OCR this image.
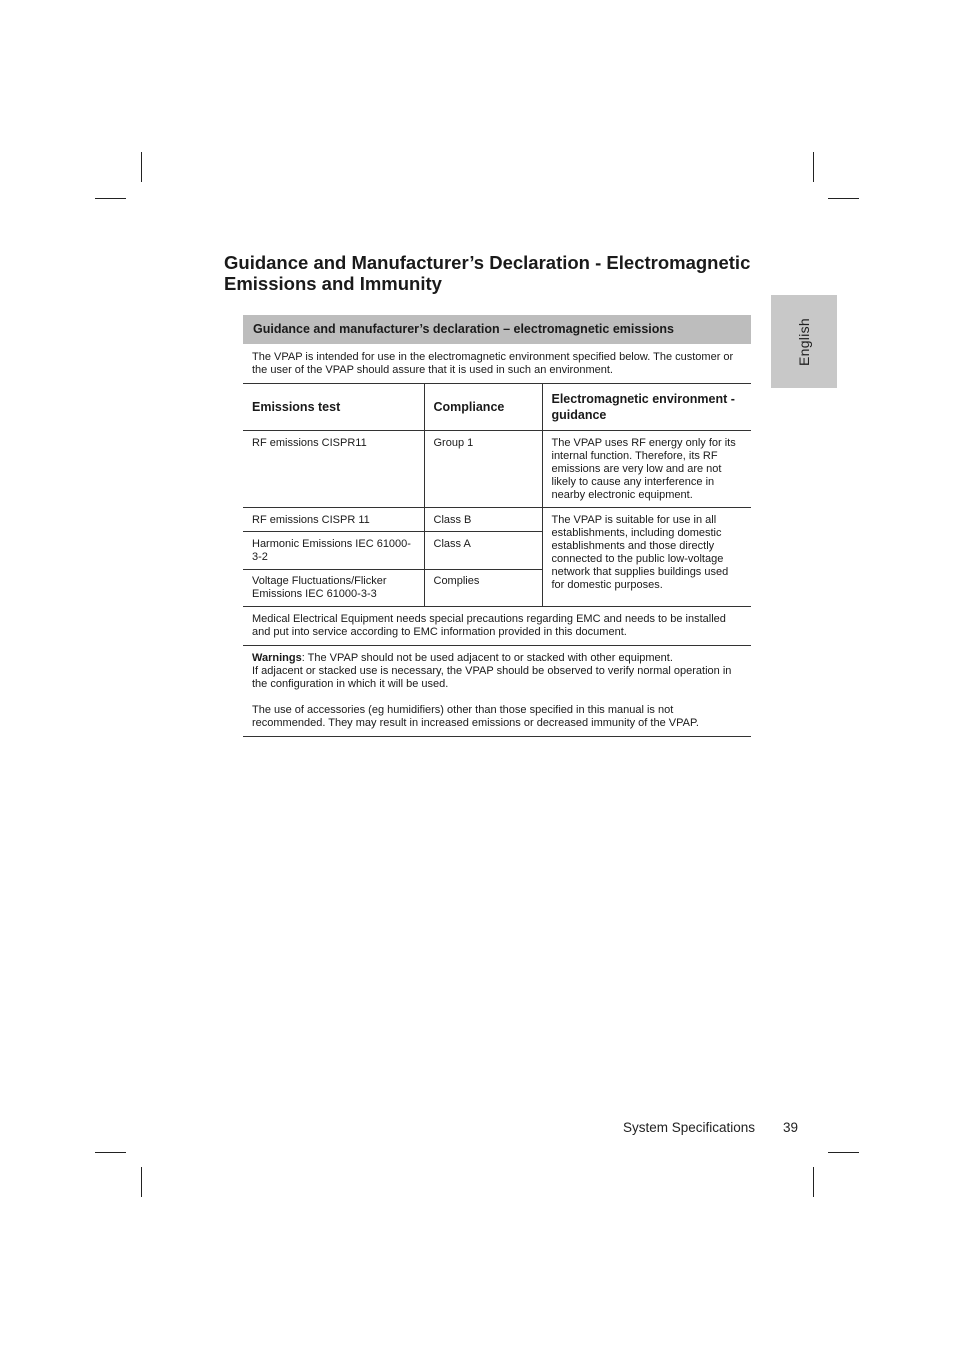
English
Guidance and Manufacturer’s Declaration - Electromagnetic Emissions and Immunity
Guidance and manufacturer’s declaration – electromagnetic emissions		
The VPAP is intended for use in the electromagnetic environment specified below. The customer or the user of the VPAP should assure that it is used in such an environment.		
Emissions test	Compliance	Electromagnetic environment - guidance
RF emissions CISPR11	Group 1	The VPAP uses RF energy only for its internal function. Therefore, its RF emissions are very low and are not likely to cause any interference in nearby electronic equipment.
RF emissions CISPR 11	Class B	The VPAP is suitable for use in all establishments, including domestic establishments and those directly connected to the public low-voltage network that supplies buildings used for domestic purposes.
Harmonic Emissions IEC 61000-3-2	Class A	
Voltage Fluctuations/Flicker Emissions IEC 61000-3-3	Complies	
Medical Electrical Equipment needs special precautions regarding EMC and needs to be installed and put into service according to EMC information provided in this document.		
Warnings: The VPAP should not be used adjacent to or stacked with other equipment.
If adjacent or stacked use is necessary, the VPAP should be observed to verify normal operation in the configuration in which it will be used.
The use of accessories (eg humidifiers) other than those specified in this manual is not recommended. They may result in increased emissions or decreased immunity of the VPAP.		
System Specifications 39
